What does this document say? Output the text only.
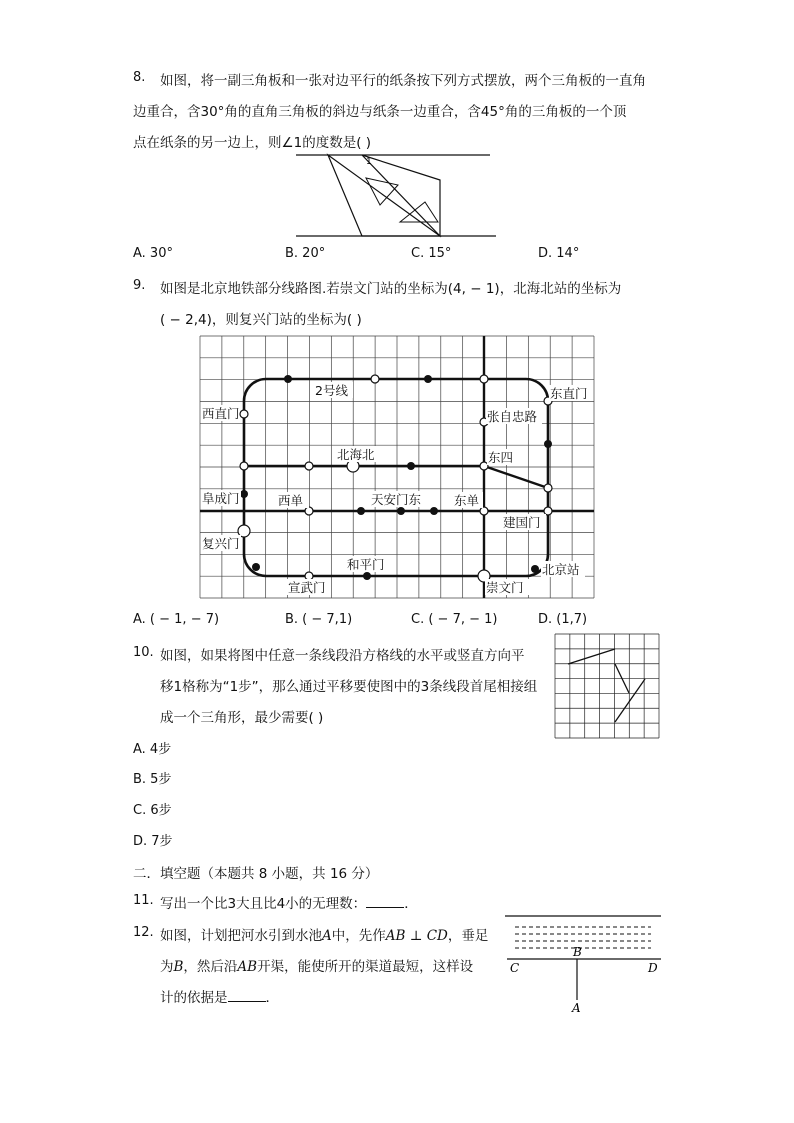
8. 如图，将一副三角板和一张对边平行的纸条按下列方式摆放，两个三角板的一直角
边重合，含30°角的直角三角板的斜边与纸条一边重合，含45°角的三角板的一个顶
点在纸条的另一边上，则∠1的度数是( )
1
A. 30°	B. 20°	C. 15°	D. 14°
9. 如图是北京地铁部分线路图.若崇文门站的坐标为(4, − 1)，北海北站的坐标为
( − 2,4)，则复兴门站的坐标为( )
2号线	东直门
西直门	张自忠路
北海北	东四
阜成门	西单	天安门东	东单
建国门
复兴门
和平门
宣武门	崇文门
北京站
A. ( − 1, − 7)	B. ( − 7,1)	C. ( − 7, − 1)	D. (1,7)
10. 如图，如果将图中任意一条线段沿方格线的水平或竖直方向平
移1格称为“1步”，那么通过平移要使图中的3条线段首尾相接组
成一个三角形，最少需要( )
A. 4步
B. 5步
C. 6步
D. 7步
二．填空题（本题共 8 小题，共 16 分）
11. 写出一个比3大且比4小的无理数：	．
12. 如图，计划把河水引到水池A中，先作AB ⊥ CD，垂足
为B，然后沿AB开渠，能使所开的渠道最短，这样设
计的依据是	．
B
C	D
A
